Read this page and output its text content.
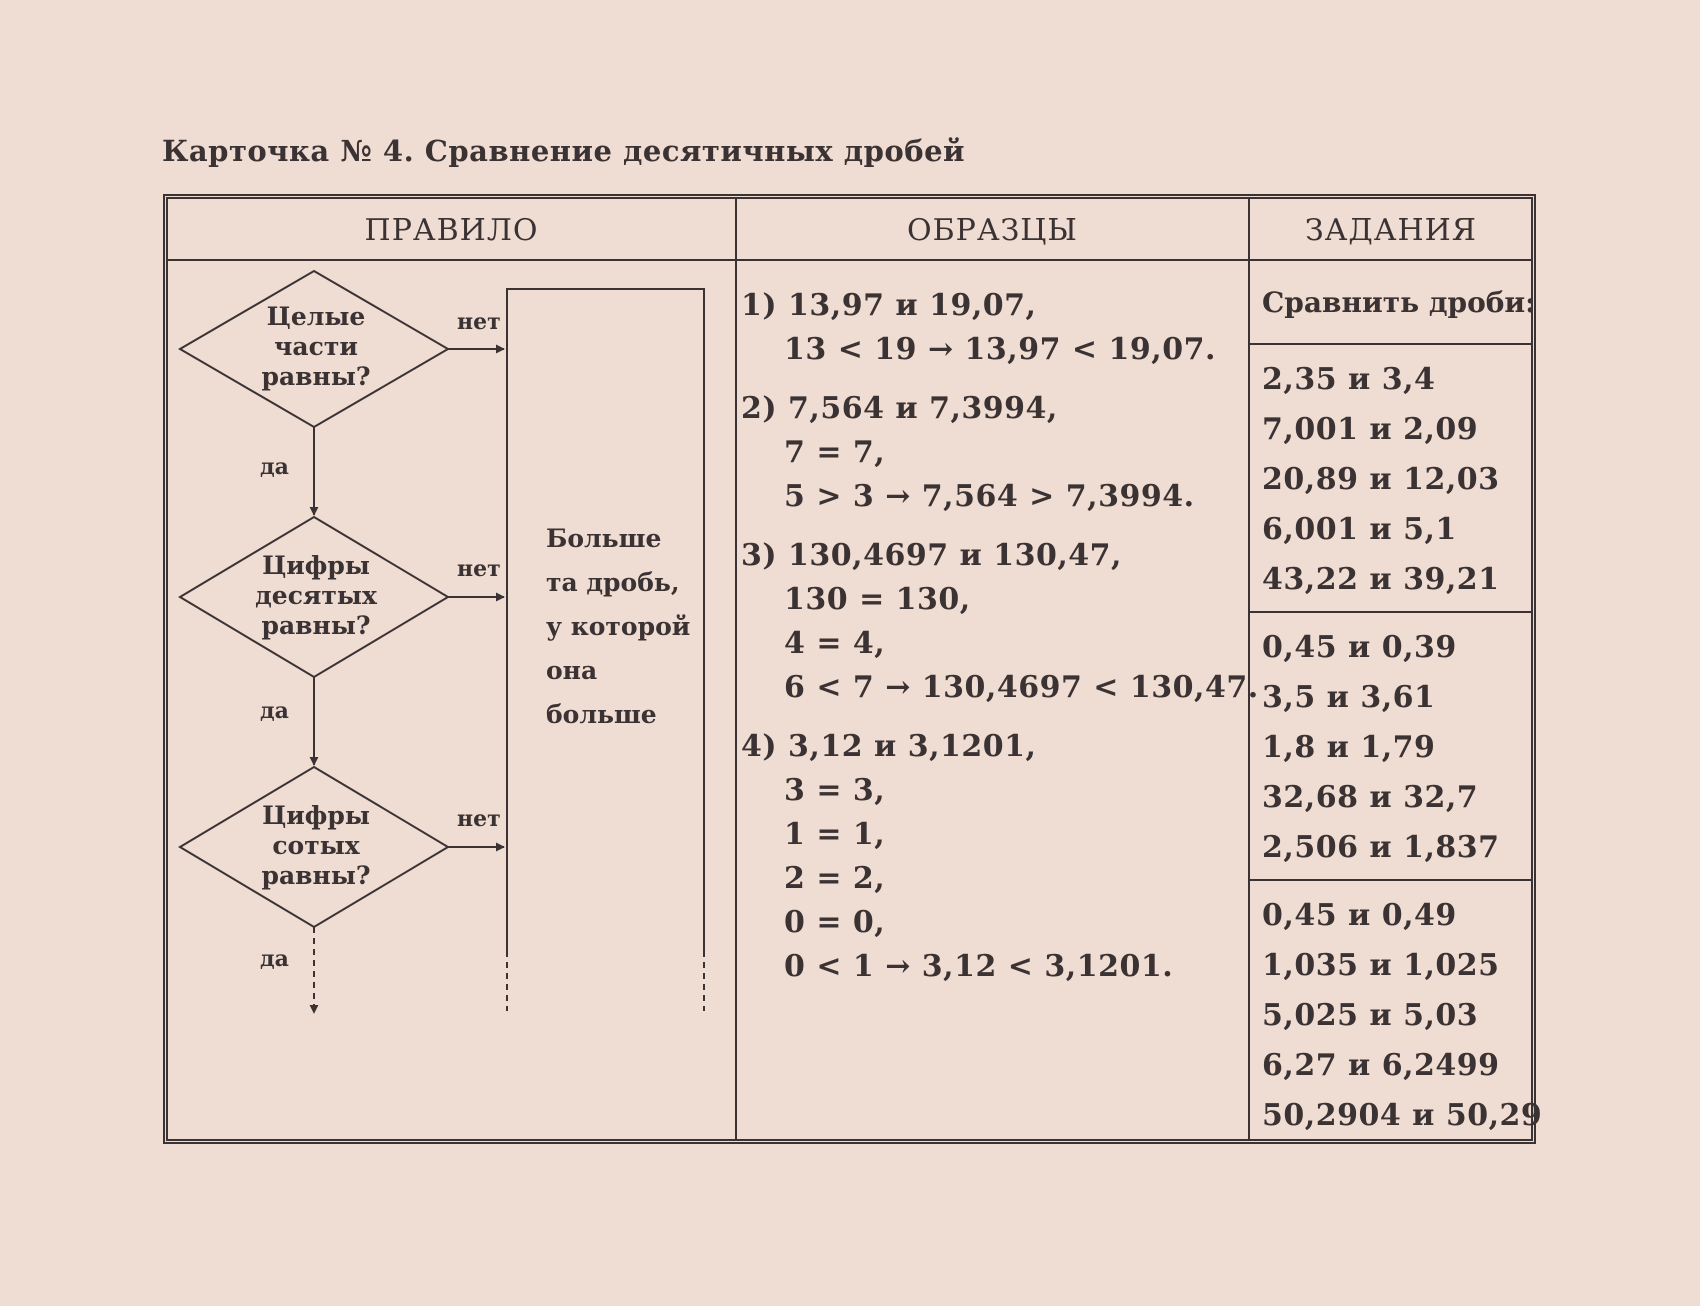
Карточка № 4. Сравнение десятичных дробей
ПРАВИЛО	ОБРАЗЦЫ	ЗАДАНИЯ
Целые
части
равны?
Цифры
десятых
равны?
Цифры
сотых
равны?
нет
нет
нет
да
да
да
Больше
та дробь,
у которой
она
больше
1) 13,97 и 19,07,
13 < 19 → 13,97 < 19,07.
2) 7,564 и 7,3994,
7 = 7,
5 > 3 → 7,564 > 7,3994.
3) 130,4697 и 130,47,
130 = 130,
4 = 4,
6 < 7 → 130,4697 < 130,47.
4) 3,12 и 3,1201,
3 = 3,
1 = 1,
2 = 2,
0 = 0,
0 < 1 → 3,12 < 3,1201.
Сравнить дроби:
2,35 и 3,4
7,001 и 2,09
20,89 и 12,03
6,001 и 5,1
43,22 и 39,21
0,45 и 0,39
3,5 и 3,61
1,8 и 1,79
32,68 и 32,7
2,506 и 1,837
0,45 и 0,49
1,035 и 1,025
5,025 и 5,03
6,27 и 6,2499
50,2904 и 50,29
